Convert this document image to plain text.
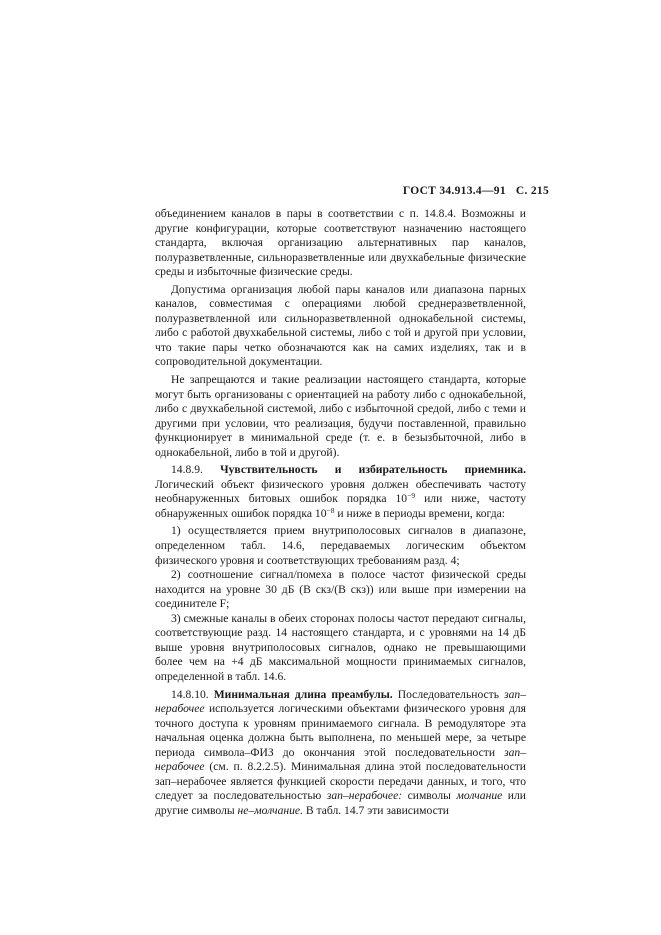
ГОСТ 34.913.4—91 С. 215

объединением каналов в пары в соответствии с п. 14.8.4. Возможны и другие конфигурации, которые соответствуют назначению настоящего стандарта, включая организацию альтернативных пар каналов, полуразветвленные, сильноразветвленные или двухкабельные физические среды и избыточные физические среды.

Допустима организация любой пары каналов или диапазона парных каналов, совместимая с операциями любой среднеразветвленной, полуразветвленной или сильноразветвленной однокабельной системы, либо с работой двухкабельной системы, либо с той и другой при условии, что такие пары четко обозначаются как на самих изделиях, так и в сопроводительной документации.

Не запрещаются и такие реализации настоящего стандарта, которые могут быть организованы с ориентацией на работу либо с однокабельной, либо с двухкабельной системой, либо с избыточной средой, либо с теми и другими при условии, что реализация, будучи поставленной, правильно функционирует в минимальной среде (т. е. в безызбыточной, либо в однокабельной, либо в той и другой).

14.8.9. Чувствительность и избирательность приемника. Логический объект физического уровня должен обеспечивать частоту необнаруженных битовых ошибок порядка $10^{-9}$ или ниже, частоту обнаруженных ошибок порядка $10^{-8}$ и ниже в периоды времени, когда:

1) осуществляется прием внутриполосовых сигналов в диапазоне, определенном табл. 14.6, передаваемых логическим объектом физического уровня и соответствующих требованиям разд. 4;

2) соотношение сигнал/помеха в полосе частот физической среды находится на уровне 30 дБ (В скз/(В скз)) или выше при измерении на соединителе F;

3) смежные каналы в обеих сторонах полосы частот передают сигналы, соответствующие разд. 14 настоящего стандарта, и с уровнями на 14 дБ выше уровня внутриполосовых сигналов, однако не превышающими более чем на +4 дБ максимальной мощности принимаемых сигналов, определенной в табл. 14.6.

14.8.10. Минимальная длина преамбулы. Последовательность зап–нерабочее используется логическими объектами физического уровня для точного доступа к уровням принимаемого сигнала. В ремодуляторе эта начальная оценка должна быть выполнена, по меньшей мере, за четыре периода символа–ФИЗ до окончания этой последовательности зап–нерабочее (см. п. 8.2.2.5). Минимальная длина этой последовательности зап–нерабочее является функцией скорости передачи данных, и того, что следует за последовательностью зап–нерабочее: символы молчание или другие символы не–молчание. В табл. 14.7 эти зависимости
